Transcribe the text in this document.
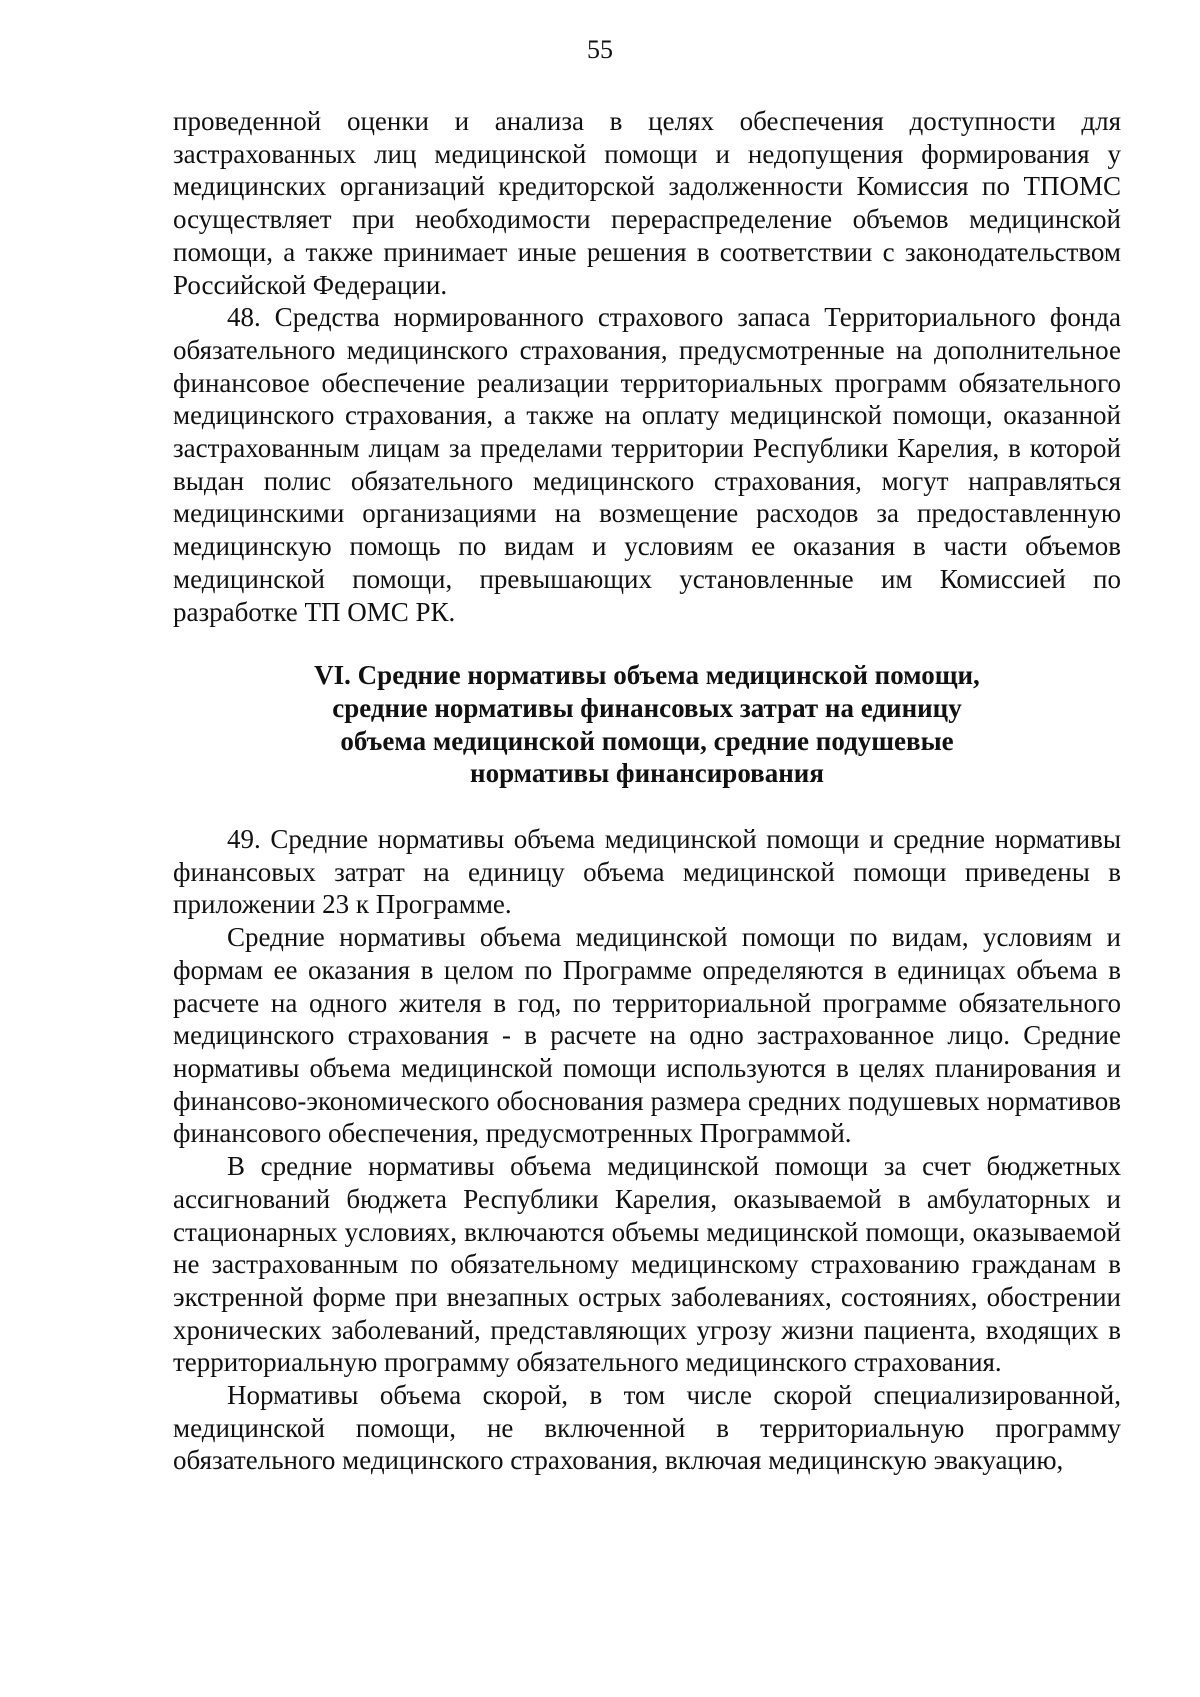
55

проведенной оценки и анализа в целях обеспечения доступности для застрахованных лиц медицинской помощи и недопущения формирования у медицинских организаций кредиторской задолженности Комиссия по ТПОМС осуществляет при необходимости перераспределение объемов медицинской помощи, а также принимает иные решения в соответствии с законодательством Российской Федерации.

48. Средства нормированного страхового запаса Территориального фонда обязательного медицинского страхования, предусмотренные на дополнительное финансовое обеспечение реализации территориальных программ обязательного медицинского страхования, а также на оплату медицинской помощи, оказанной застрахованным лицам за пределами территории Республики Карелия, в которой выдан полис обязательного медицинского страхования, могут направляться медицинскими организациями на возмещение расходов за предоставленную медицинскую помощь по видам и условиям ее оказания в части объемов медицинской помощи, превышающих установленные им Комиссией по разработке ТП ОМС РК.

VI. Средние нормативы объема медицинской помощи,
средние нормативы финансовых затрат на единицу
объема медицинской помощи, средние подушевые
нормативы финансирования

49. Средние нормативы объема медицинской помощи и средние нормативы финансовых затрат на единицу объема медицинской помощи приведены в приложении 23 к Программе.

Средние нормативы объема медицинской помощи по видам, условиям и формам ее оказания в целом по Программе определяются в единицах объема в расчете на одного жителя в год, по территориальной программе обязательного медицинского страхования - в расчете на одно застрахованное лицо. Средние нормативы объема медицинской помощи используются в целях планирования и финансово-экономического обоснования размера средних подушевых нормативов финансового обеспечения, предусмотренных Программой.

В средние нормативы объема медицинской помощи за счет бюджетных ассигнований бюджета Республики Карелия, оказываемой в амбулаторных и стационарных условиях, включаются объемы медицинской помощи, оказываемой не застрахованным по обязательному медицинскому страхованию гражданам в экстренной форме при внезапных острых заболеваниях, состояниях, обострении хронических заболеваний, представляющих угрозу жизни пациента, входящих в территориальную программу обязательного медицинского страхования.

Нормативы объема скорой, в том числе скорой специализированной, медицинской помощи, не включенной в территориальную программу обязательного медицинского страхования, включая медицинскую эвакуацию,
